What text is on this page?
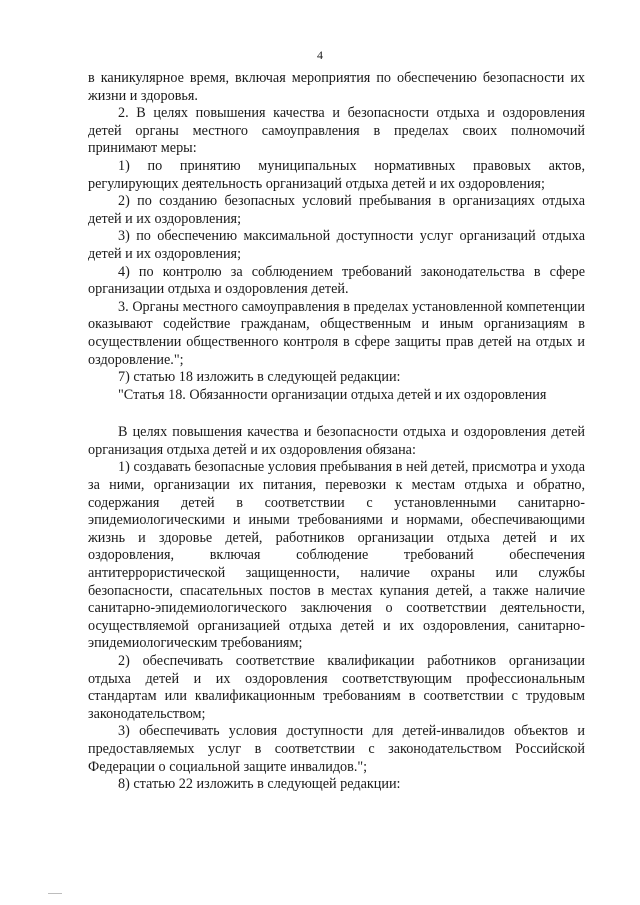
4

в каникулярное время, включая мероприятия по обеспечению безопасности их жизни и здоровья.

2. В целях повышения качества и безопасности отдыха и оздоровления детей органы местного самоуправления в пределах своих полномочий принимают меры:

1) по принятию муниципальных нормативных правовых актов, регулирующих деятельность организаций отдыха детей и их оздоровления;

2) по созданию безопасных условий пребывания в организациях отдыха детей и их оздоровления;

3) по обеспечению максимальной доступности услуг организаций отдыха детей и их оздоровления;

4) по контролю за соблюдением требований законодательства в сфере организации отдыха и оздоровления детей.

3. Органы местного самоуправления в пределах установленной компетенции оказывают содействие гражданам, общественным и иным организациям в осуществлении общественного контроля в сфере защиты прав детей на отдых и оздоровление.";

7) статью 18 изложить в следующей редакции:

"Статья 18. Обязанности организации отдыха детей и их оздоровления

В целях повышения качества и безопасности отдыха и оздоровления детей организация отдыха детей и их оздоровления обязана:

1) создавать безопасные условия пребывания в ней детей, присмотра и ухода за ними, организации их питания, перевозки к местам отдыха и обратно, содержания детей в соответствии с установленными санитарно-эпидемиологическими и иными требованиями и нормами, обеспечивающими жизнь и здоровье детей, работников организации отдыха детей и их оздоровления, включая соблюдение требований обеспечения антитеррористической защищенности, наличие охраны или службы безопасности, спасательных постов в местах купания детей, а также наличие санитарно-эпидемиологического заключения о соответствии деятельности, осуществляемой организацией отдыха детей и их оздоровления, санитарно-эпидемиологическим требованиям;

2) обеспечивать соответствие квалификации работников организации отдыха детей и их оздоровления соответствующим профессиональным стандартам или квалификационным требованиям в соответствии с трудовым законодательством;

3) обеспечивать условия доступности для детей-инвалидов объектов и предоставляемых услуг в соответствии с законодательством Российской Федерации о социальной защите инвалидов.";

8) статью 22 изложить в следующей редакции:
